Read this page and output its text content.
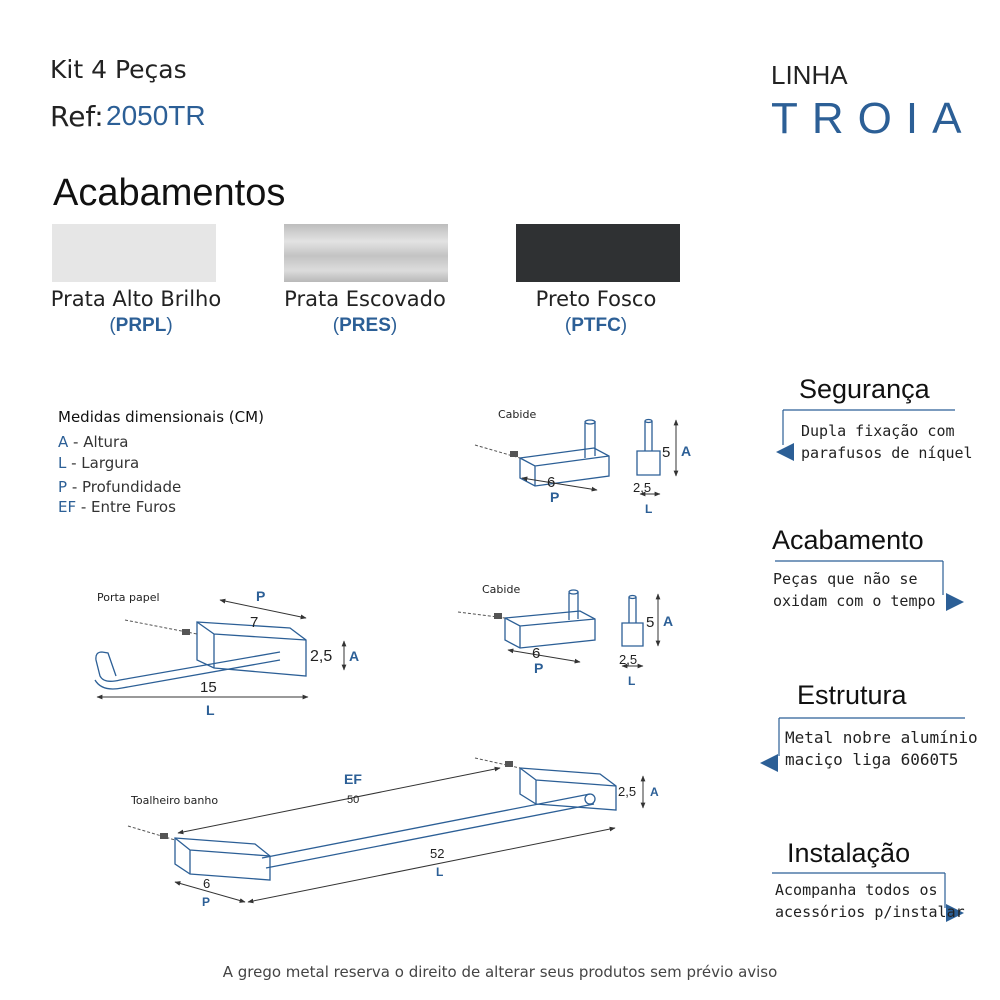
Kit 4 Peças
Ref: 2050TR
LINHA
TROIA
Acabamentos
Prata Alto Brilho	Prata Escovado	Preto Fosco
(PRPL)	(PRES)	(PTFC)
Medidas dimensionais (CM)
A - Altura
L - Largura
P - Profundidade
EF - Entre Furos
6
5
2,5
6
5
2,5
7
2,5
15
50
52
2,5
6
P
A
L
P
A
L
P
A
L
EF
L
A
P
Cabide
Cabide
Porta papel
Toalheiro banho
Segurança
Dupla fixação com
parafusos de níquel
Acabamento
Peças que não se
oxidam com o tempo
Estrutura
Metal nobre alumínio
maciço liga 6060T5
Instalação
Acompanha todos os
acessórios p/instalar
A grego metal reserva o direito de alterar seus produtos sem prévio aviso
